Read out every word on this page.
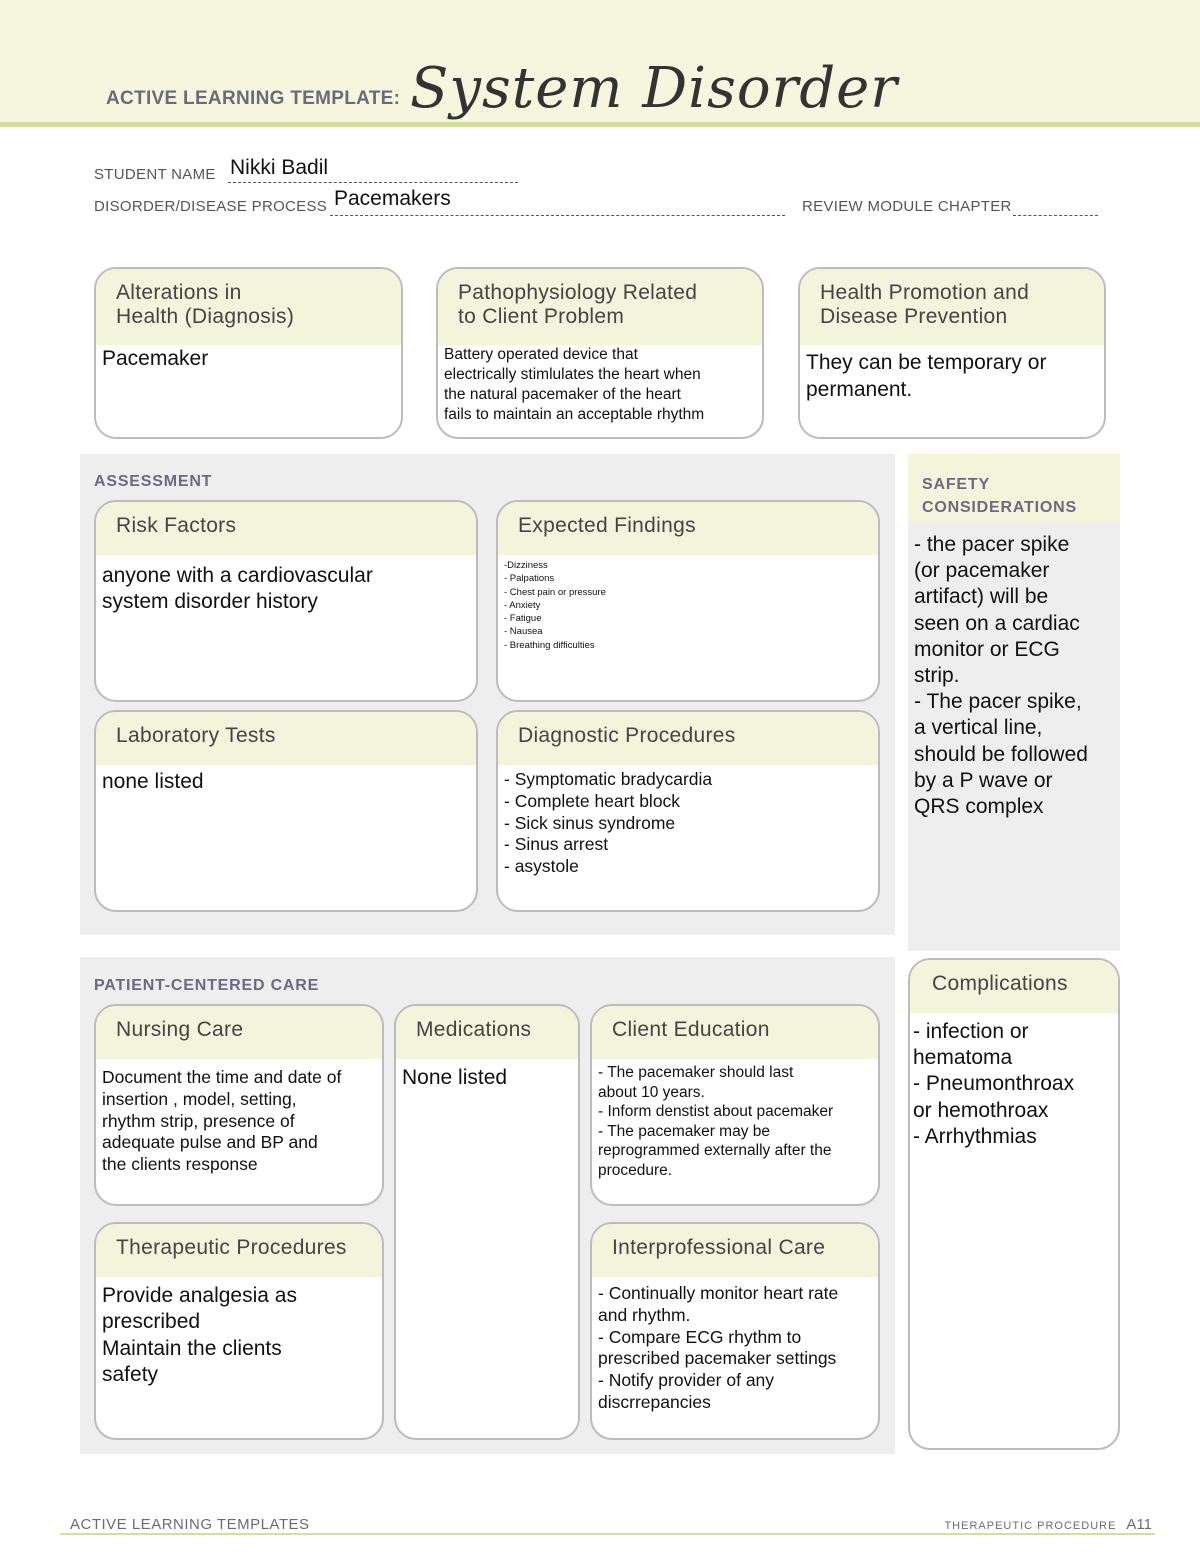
ACTIVE LEARNING TEMPLATE: System Disorder
STUDENT NAME Nikki Badil
DISORDER/DISEASE PROCESS Pacemakers	REVIEW MODULE CHAPTER
Alterations in
Health (Diagnosis)
Pacemaker
Pathophysiology Related
to Client Problem
Battery operated device that
electrically stimlulates the heart when
the natural pacemaker of the heart
fails to maintain an acceptable rhythm
Health Promotion and
Disease Prevention
They can be temporary or
permanent.
ASSESSMENT
Risk Factors
anyone with a cardiovascular
system disorder history
Expected Findings
-Dizziness
- Palpations
- Chest pain or pressure
- Anxiety
- Fatigue
- Nausea
- Breathing difficulties
Laboratory Tests
none listed
Diagnostic Procedures
- Symptomatic bradycardia
- Complete heart block
- Sick sinus syndrome
- Sinus arrest
- asystole
SAFETY
CONSIDERATIONS
- the pacer spike
(or pacemaker
artifact) will be
seen on a cardiac
monitor or ECG
strip.
- The pacer spike,
a vertical line,
should be followed
by a P wave or
QRS complex
PATIENT-CENTERED CARE
Nursing Care
Document the time and date of
insertion , model, setting,
rhythm strip, presence of
adequate pulse and BP and
the clients response
Medications
None listed
Client Education
- The pacemaker should last
about 10 years.
- Inform denstist about pacemaker
- The pacemaker may be
reprogrammed externally after the
procedure.
Therapeutic Procedures
Provide analgesia as
prescribed
Maintain the clients
safety
Interprofessional Care
- Continually monitor heart rate
and rhythm.
- Compare ECG rhythm to
prescribed pacemaker settings
- Notify provider of any
discrrepancies
Complications
- infection or
hematoma
- Pneumonthroax
or hemothroax
- Arrhythmias
ACTIVE LEARNING TEMPLATES	THERAPEUTIC PROCEDURE A11
